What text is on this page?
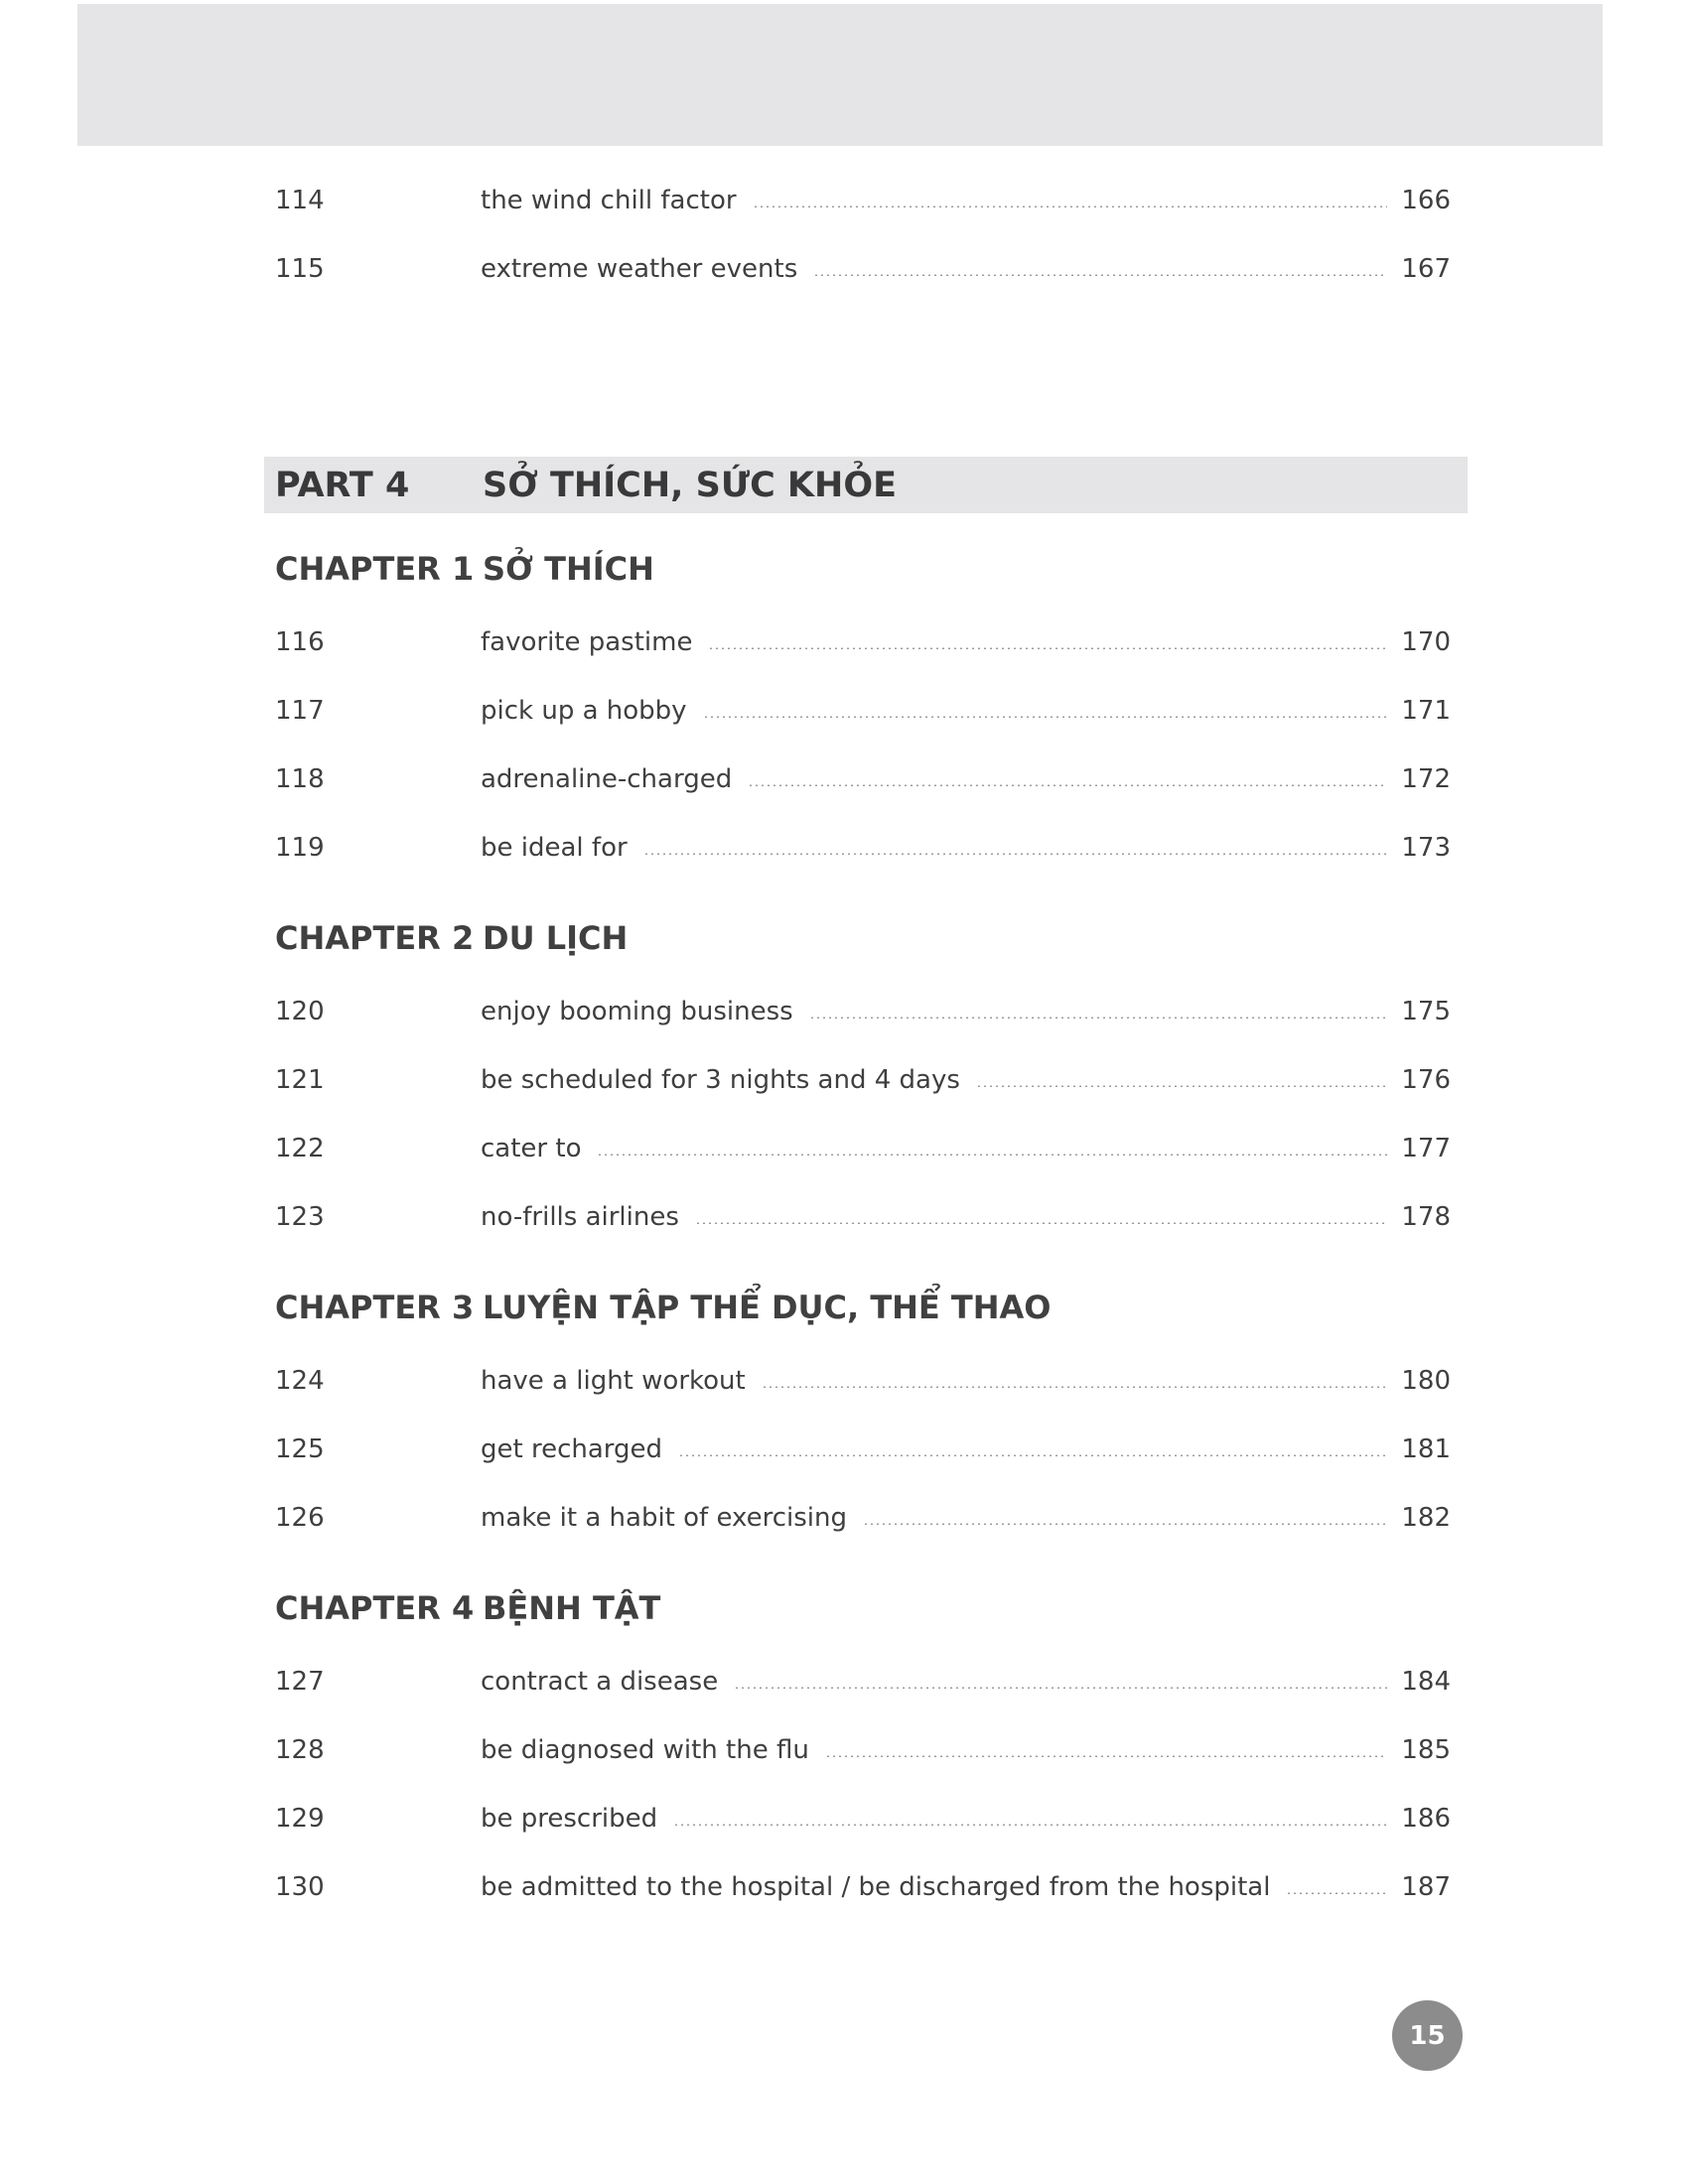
114	the wind chill factor	166
115	extreme weather events	167
PART 4	SỞ THÍCH, SỨC KHỎE
CHAPTER 1 SỞ THÍCH
116	favorite pastime	170
117	pick up a hobby	171
118	adrenaline-charged	172
119	be ideal for	173
CHAPTER 2 DU LỊCH
120	enjoy booming business	175
121	be scheduled for 3 nights and 4 days	176
122	cater to	177
123	no-frills airlines	178
CHAPTER 3 LUYỆN TẬP THỂ DỤC, THỂ THAO
124	have a light workout	180
125	get recharged	181
126	make it a habit of exercising	182
CHAPTER 4 BỆNH TẬT
127	contract a disease	184
128	be diagnosed with the flu	185
129	be prescribed	186
130	be admitted to the hospital / be discharged from the hospital	187
15
